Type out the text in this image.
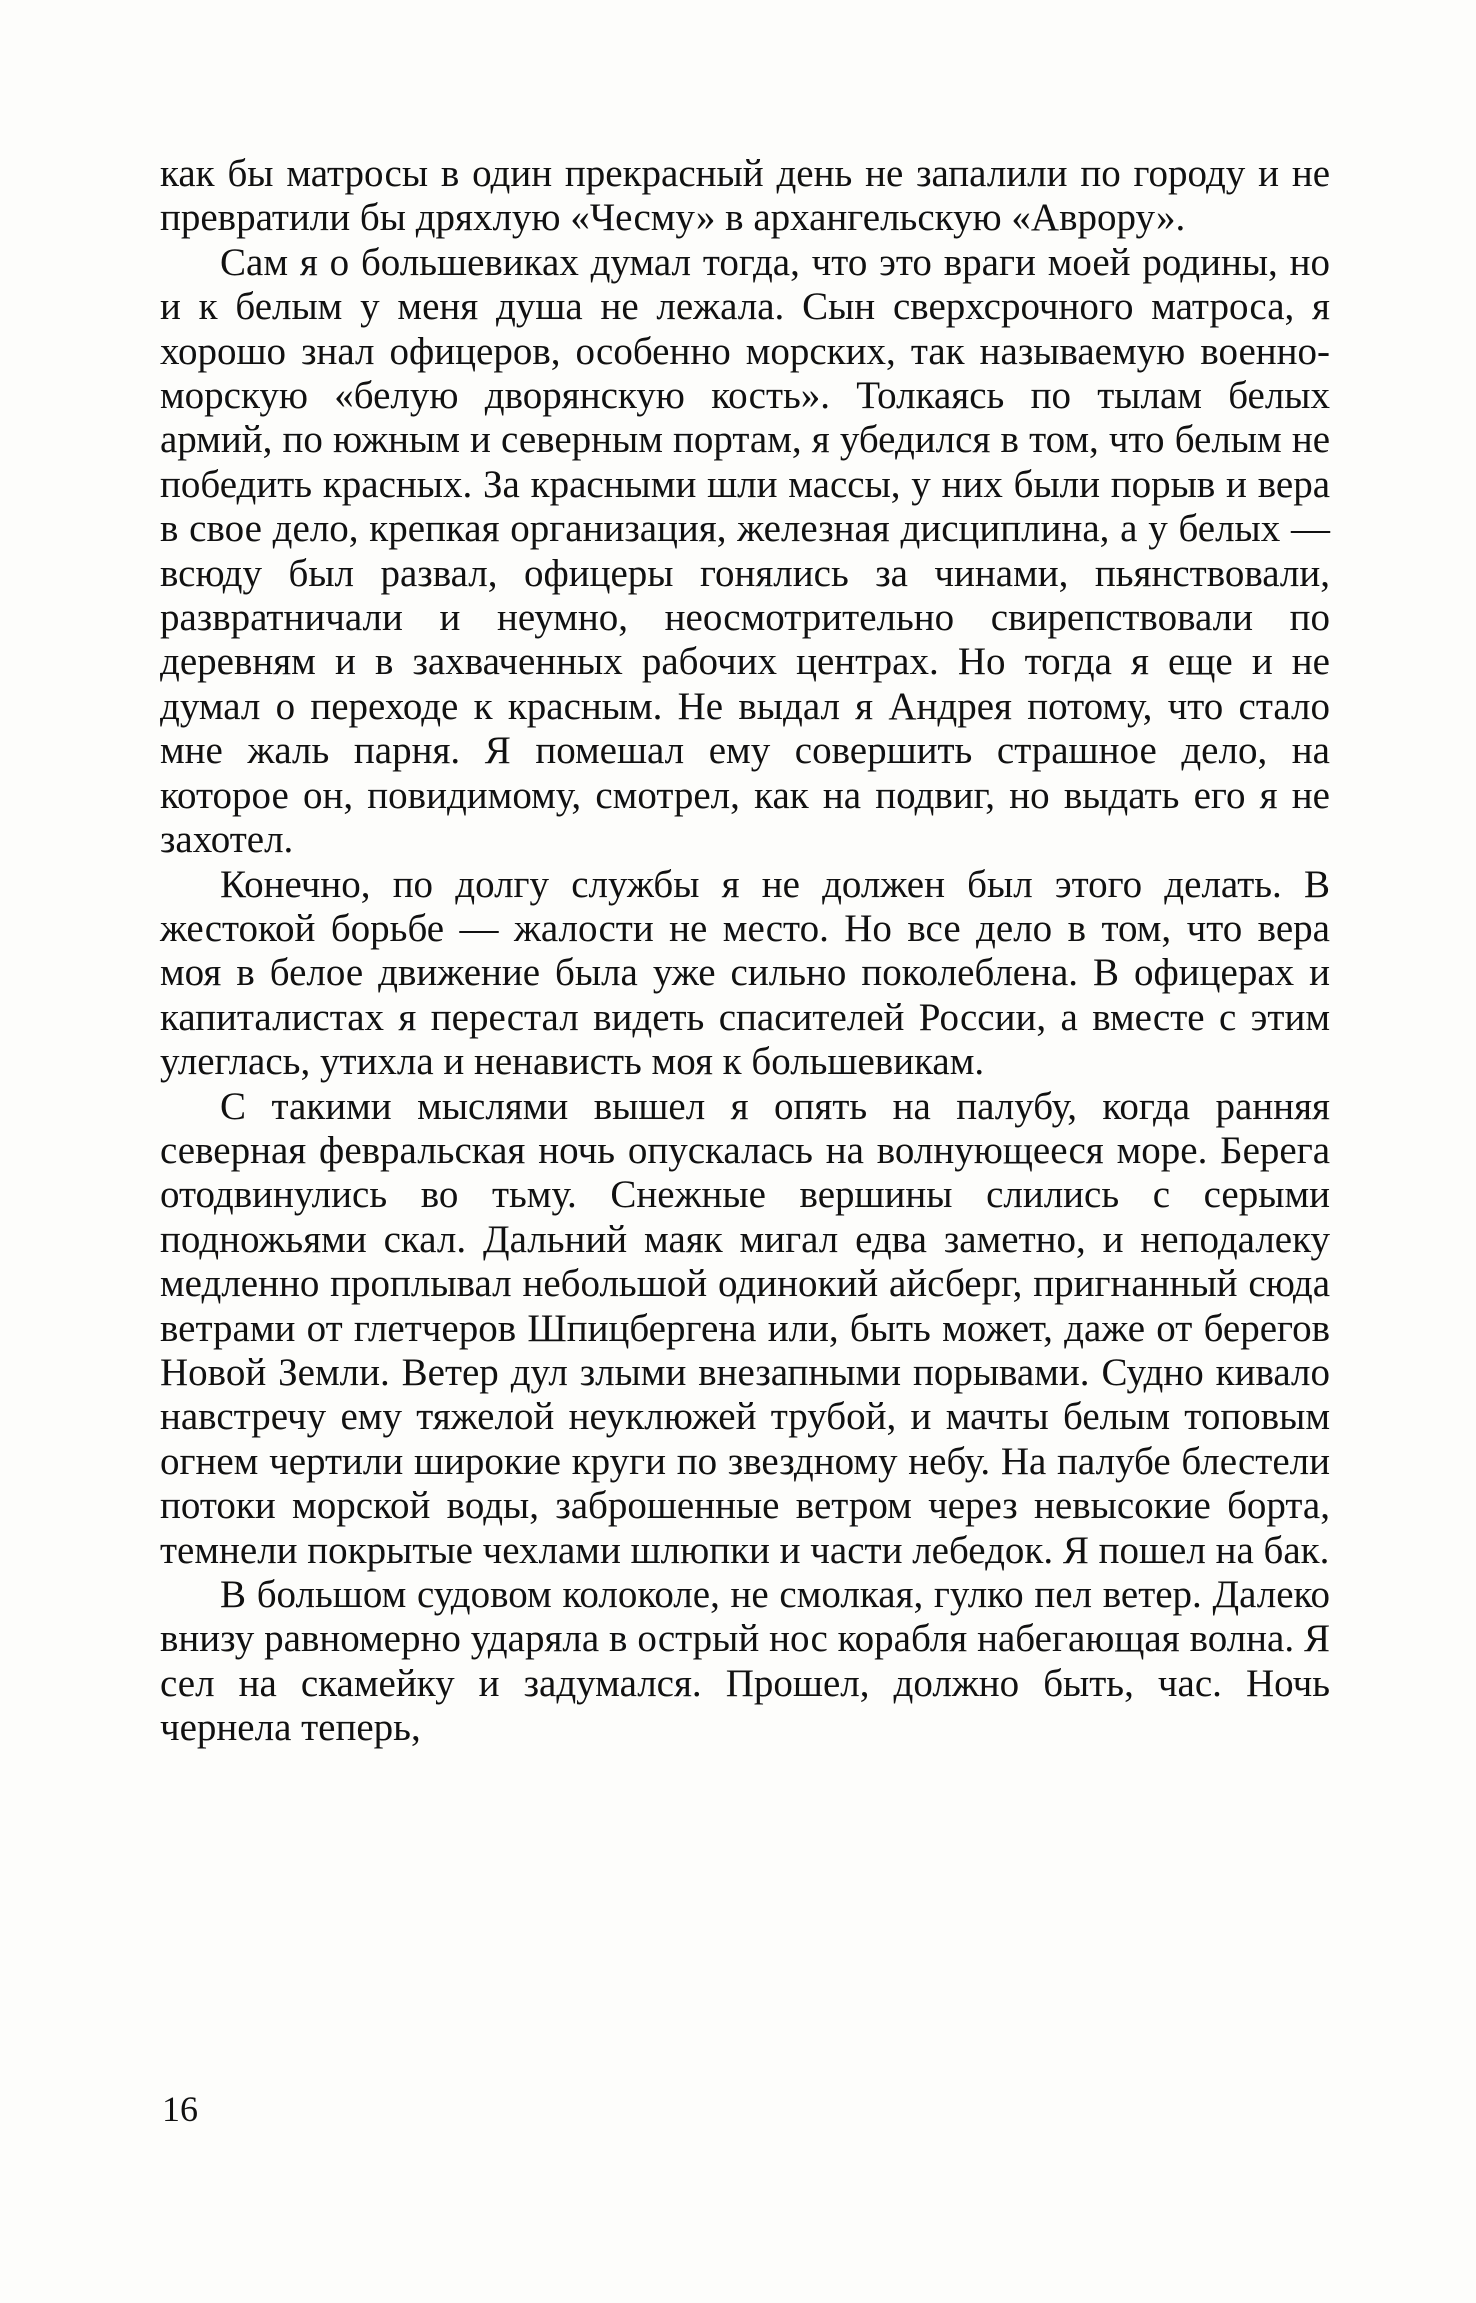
как бы матросы в один прекрасный день не запалили по городу и не превратили бы дряхлую «Чесму» в архангельскую «Аврору».

Сам я о большевиках думал тогда, что это враги моей родины, но и к белым у меня душа не лежала. Сын сверхсрочного матроса, я хорошо знал офицеров, особенно морских, так называемую военно-морскую «белую дворянскую кость». Толкаясь по тылам белых армий, по южным и северным портам, я убедился в том, что белым не победить красных. За красными шли массы, у них были порыв и вера в свое дело, крепкая организация, железная дисциплина, а у белых — всюду был развал, офицеры гонялись за чинами, пьянствовали, развратничали и неумно, неосмотрительно свирепствовали по деревням и в захваченных рабочих центрах. Но тогда я еще и не думал о переходе к красным. Не выдал я Андрея потому, что стало мне жаль парня. Я помешал ему совершить страшное дело, на которое он, повидимому, смотрел, как на подвиг, но выдать его я не захотел.

Конечно, по долгу службы я не должен был этого делать. В жестокой борьбе — жалости не место. Но все дело в том, что вера моя в белое движение была уже сильно поколеблена. В офицерах и капиталистах я перестал видеть спасителей России, а вместе с этим улеглась, утихла и ненависть моя к большевикам.

С такими мыслями вышел я опять на палубу, когда ранняя северная февральская ночь опускалась на волнующееся море. Берега отодвинулись во тьму. Снежные вершины слились с серыми подножьями скал. Дальний маяк мигал едва заметно, и неподалеку медленно проплывал небольшой одинокий айсберг, пригнанный сюда ветрами от глетчеров Шпицбергена или, быть может, даже от берегов Новой Земли. Ветер дул злыми внезапными порывами. Судно кивало навстречу ему тяжелой неуклюжей трубой, и мачты белым топовым огнем чертили широкие круги по звездному небу. На палубе блестели потоки морской воды, заброшенные ветром через невысокие борта, темнели покрытые чехлами шлюпки и части лебедок. Я пошел на бак.

В большом судовом колоколе, не смолкая, гулко пел ветер. Далеко внизу равномерно ударяла в острый нос корабля набегающая волна. Я сел на скамейку и задумался. Прошел, должно быть, час. Ночь чернела теперь,

16
